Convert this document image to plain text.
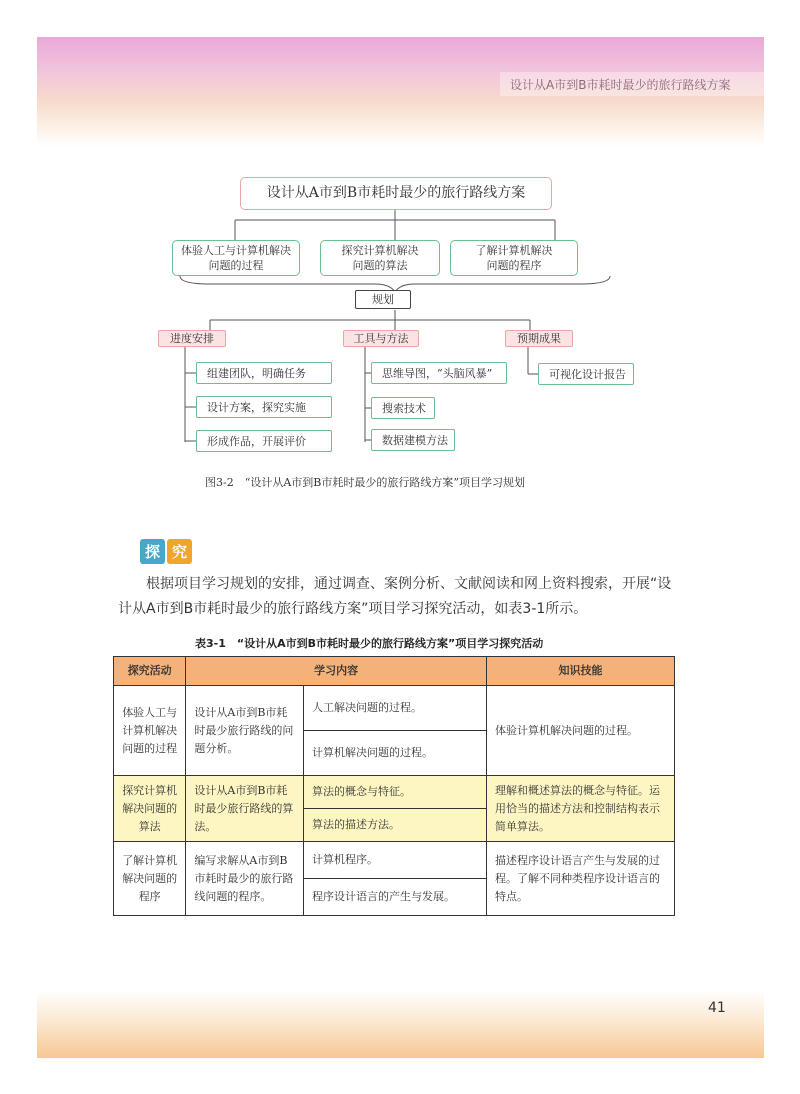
设计从A市到B市耗时最少的旅行路线方案
41
设计从A市到B市耗时最少的旅行路线方案
体验人工与计算机解决
问题的过程
探究计算机解决
问题的算法
了解计算机解决
问题的程序
规划
进度安排	工具与方法	预期成果
组建团队，明确任务
设计方案，探究实施
形成作品，开展评价
思维导图，“头脑风暴”
搜索技术
数据建模方法
可视化设计报告
图3-2　“设计从A市到B市耗时最少的旅行路线方案”项目学习规划
探 究
根据项目学习规划的安排，通过调查、案例分析、文献阅读和网上资料搜索，开展“设计从A市到B市耗时最少的旅行路线方案”项目学习探究活动，如表3-1所示。
表3-1　“设计从A市到B市耗时最少的旅行路线方案”项目学习探究活动
探究活动	学习内容		知识技能
体验人工与计算机解决问题的过程	设计从A市到B市耗时最少旅行路线的问题分析。	人工解决问题的过程。	体验计算机解决问题的过程。
		计算机解决问题的过程。	
探究计算机解决问题的算法	设计从A市到B市耗时最少旅行路线的算法。	算法的概念与特征。	理解和概述算法的概念与特征。运用恰当的描述方法和控制结构表示简单算法。
		算法的描述方法。	
了解计算机解决问题的程序	编写求解从A市到B市耗时最少的旅行路线问题的程序。	计算机程序。	描述程序设计语言产生与发展的过程。了解不同种类程序设计语言的特点。
		程序设计语言的产生与发展。	
